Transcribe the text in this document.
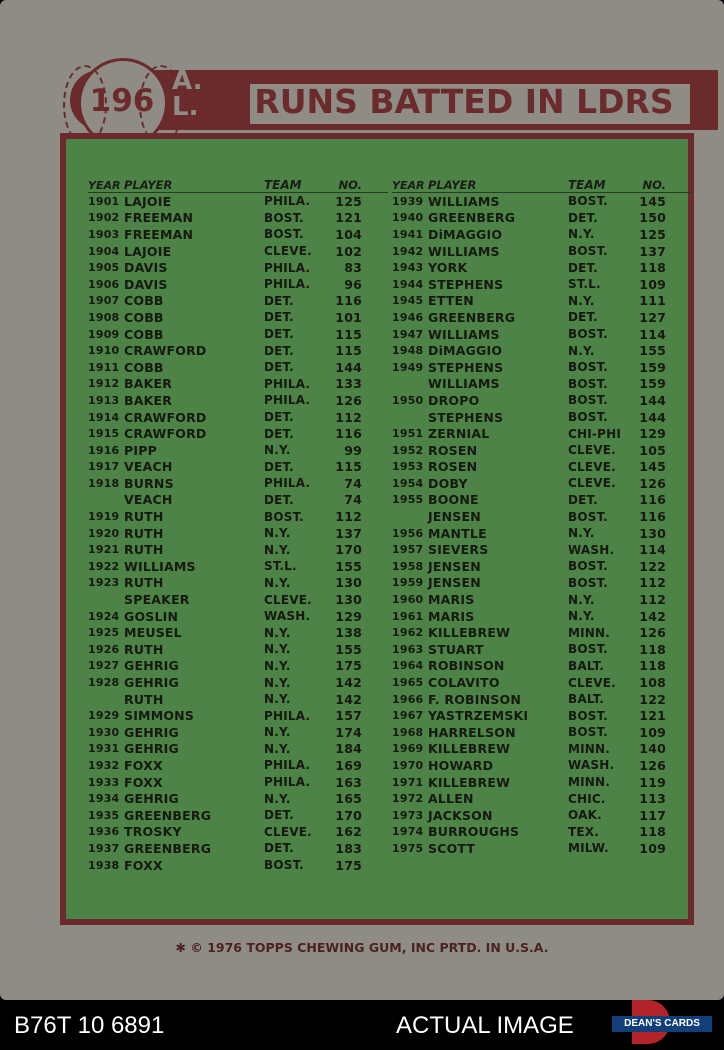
RUNS BATTED IN LDRS
196
A.
L.
YEAR PLAYER	TEAM	NO.
1901 LAJOIE	PHILA.	125
1902 FREEMAN	BOST.	121
1903 FREEMAN	BOST.	104
1904 LAJOIE	CLEVE.	102
1905 DAVIS	PHILA.	83
1906 DAVIS	PHILA.	96
1907 COBB	DET.	116
1908 COBB	DET.	101
1909 COBB	DET.	115
1910 CRAWFORD	DET.	115
1911 COBB	DET.	144
1912 BAKER	PHILA.	133
1913 BAKER	PHILA.	126
1914 CRAWFORD	DET.	112
1915 CRAWFORD	DET.	116
1916 PIPP	N.Y.	99
1917 VEACH	DET.	115
1918 BURNS	PHILA.	74
VEACH	DET.	74
1919 RUTH	BOST.	112
1920 RUTH	N.Y.	137
1921 RUTH	N.Y.	170
1922 WILLIAMS	ST.L.	155
1923 RUTH	N.Y.	130
SPEAKER	CLEVE.	130
1924 GOSLIN	WASH.	129
1925 MEUSEL	N.Y.	138
1926 RUTH	N.Y.	155
1927 GEHRIG	N.Y.	175
1928 GEHRIG	N.Y.	142
RUTH	N.Y.	142
1929 SIMMONS	PHILA.	157
1930 GEHRIG	N.Y.	174
1931 GEHRIG	N.Y.	184
1932 FOXX	PHILA.	169
1933 FOXX	PHILA.	163
1934 GEHRIG	N.Y.	165
1935 GREENBERG	DET.	170
1936 TROSKY	CLEVE.	162
1937 GREENBERG	DET.	183
1938 FOXX	BOST.	175
YEAR PLAYER	TEAM	NO.
1939 WILLIAMS	BOST.	145
1940 GREENBERG	DET.	150
1941 DiMAGGIO	N.Y.	125
1942 WILLIAMS	BOST.	137
1943 YORK	DET.	118
1944 STEPHENS	ST.L.	109
1945 ETTEN	N.Y.	111
1946 GREENBERG	DET.	127
1947 WILLIAMS	BOST.	114
1948 DiMAGGIO	N.Y.	155
1949 STEPHENS	BOST.	159
WILLIAMS	BOST.	159
1950 DROPO	BOST.	144
STEPHENS	BOST.	144
1951 ZERNIAL	CHI-PHI	129
1952 ROSEN	CLEVE.	105
1953 ROSEN	CLEVE.	145
1954 DOBY	CLEVE.	126
1955 BOONE	DET.	116
JENSEN	BOST.	116
1956 MANTLE	N.Y.	130
1957 SIEVERS	WASH.	114
1958 JENSEN	BOST.	122
1959 JENSEN	BOST.	112
1960 MARIS	N.Y.	112
1961 MARIS	N.Y.	142
1962 KILLEBREW	MINN.	126
1963 STUART	BOST.	118
1964 ROBINSON	BALT.	118
1965 COLAVITO	CLEVE.	108
1966 F. ROBINSON	BALT.	122
1967 YASTRZEMSKI	BOST.	121
1968 HARRELSON	BOST.	109
1969 KILLEBREW	MINN.	140
1970 HOWARD	WASH.	126
1971 KILLEBREW	MINN.	119
1972 ALLEN	CHIC.	113
1973 JACKSON	OAK.	117
1974 BURROUGHS	TEX.	118
1975 SCOTT	MILW.	109
✱ © 1976 TOPPS CHEWING GUM, INC PRTD. IN U.S.A.
B76T 10 6891	ACTUAL IMAGE	DEAN'S CARDS
